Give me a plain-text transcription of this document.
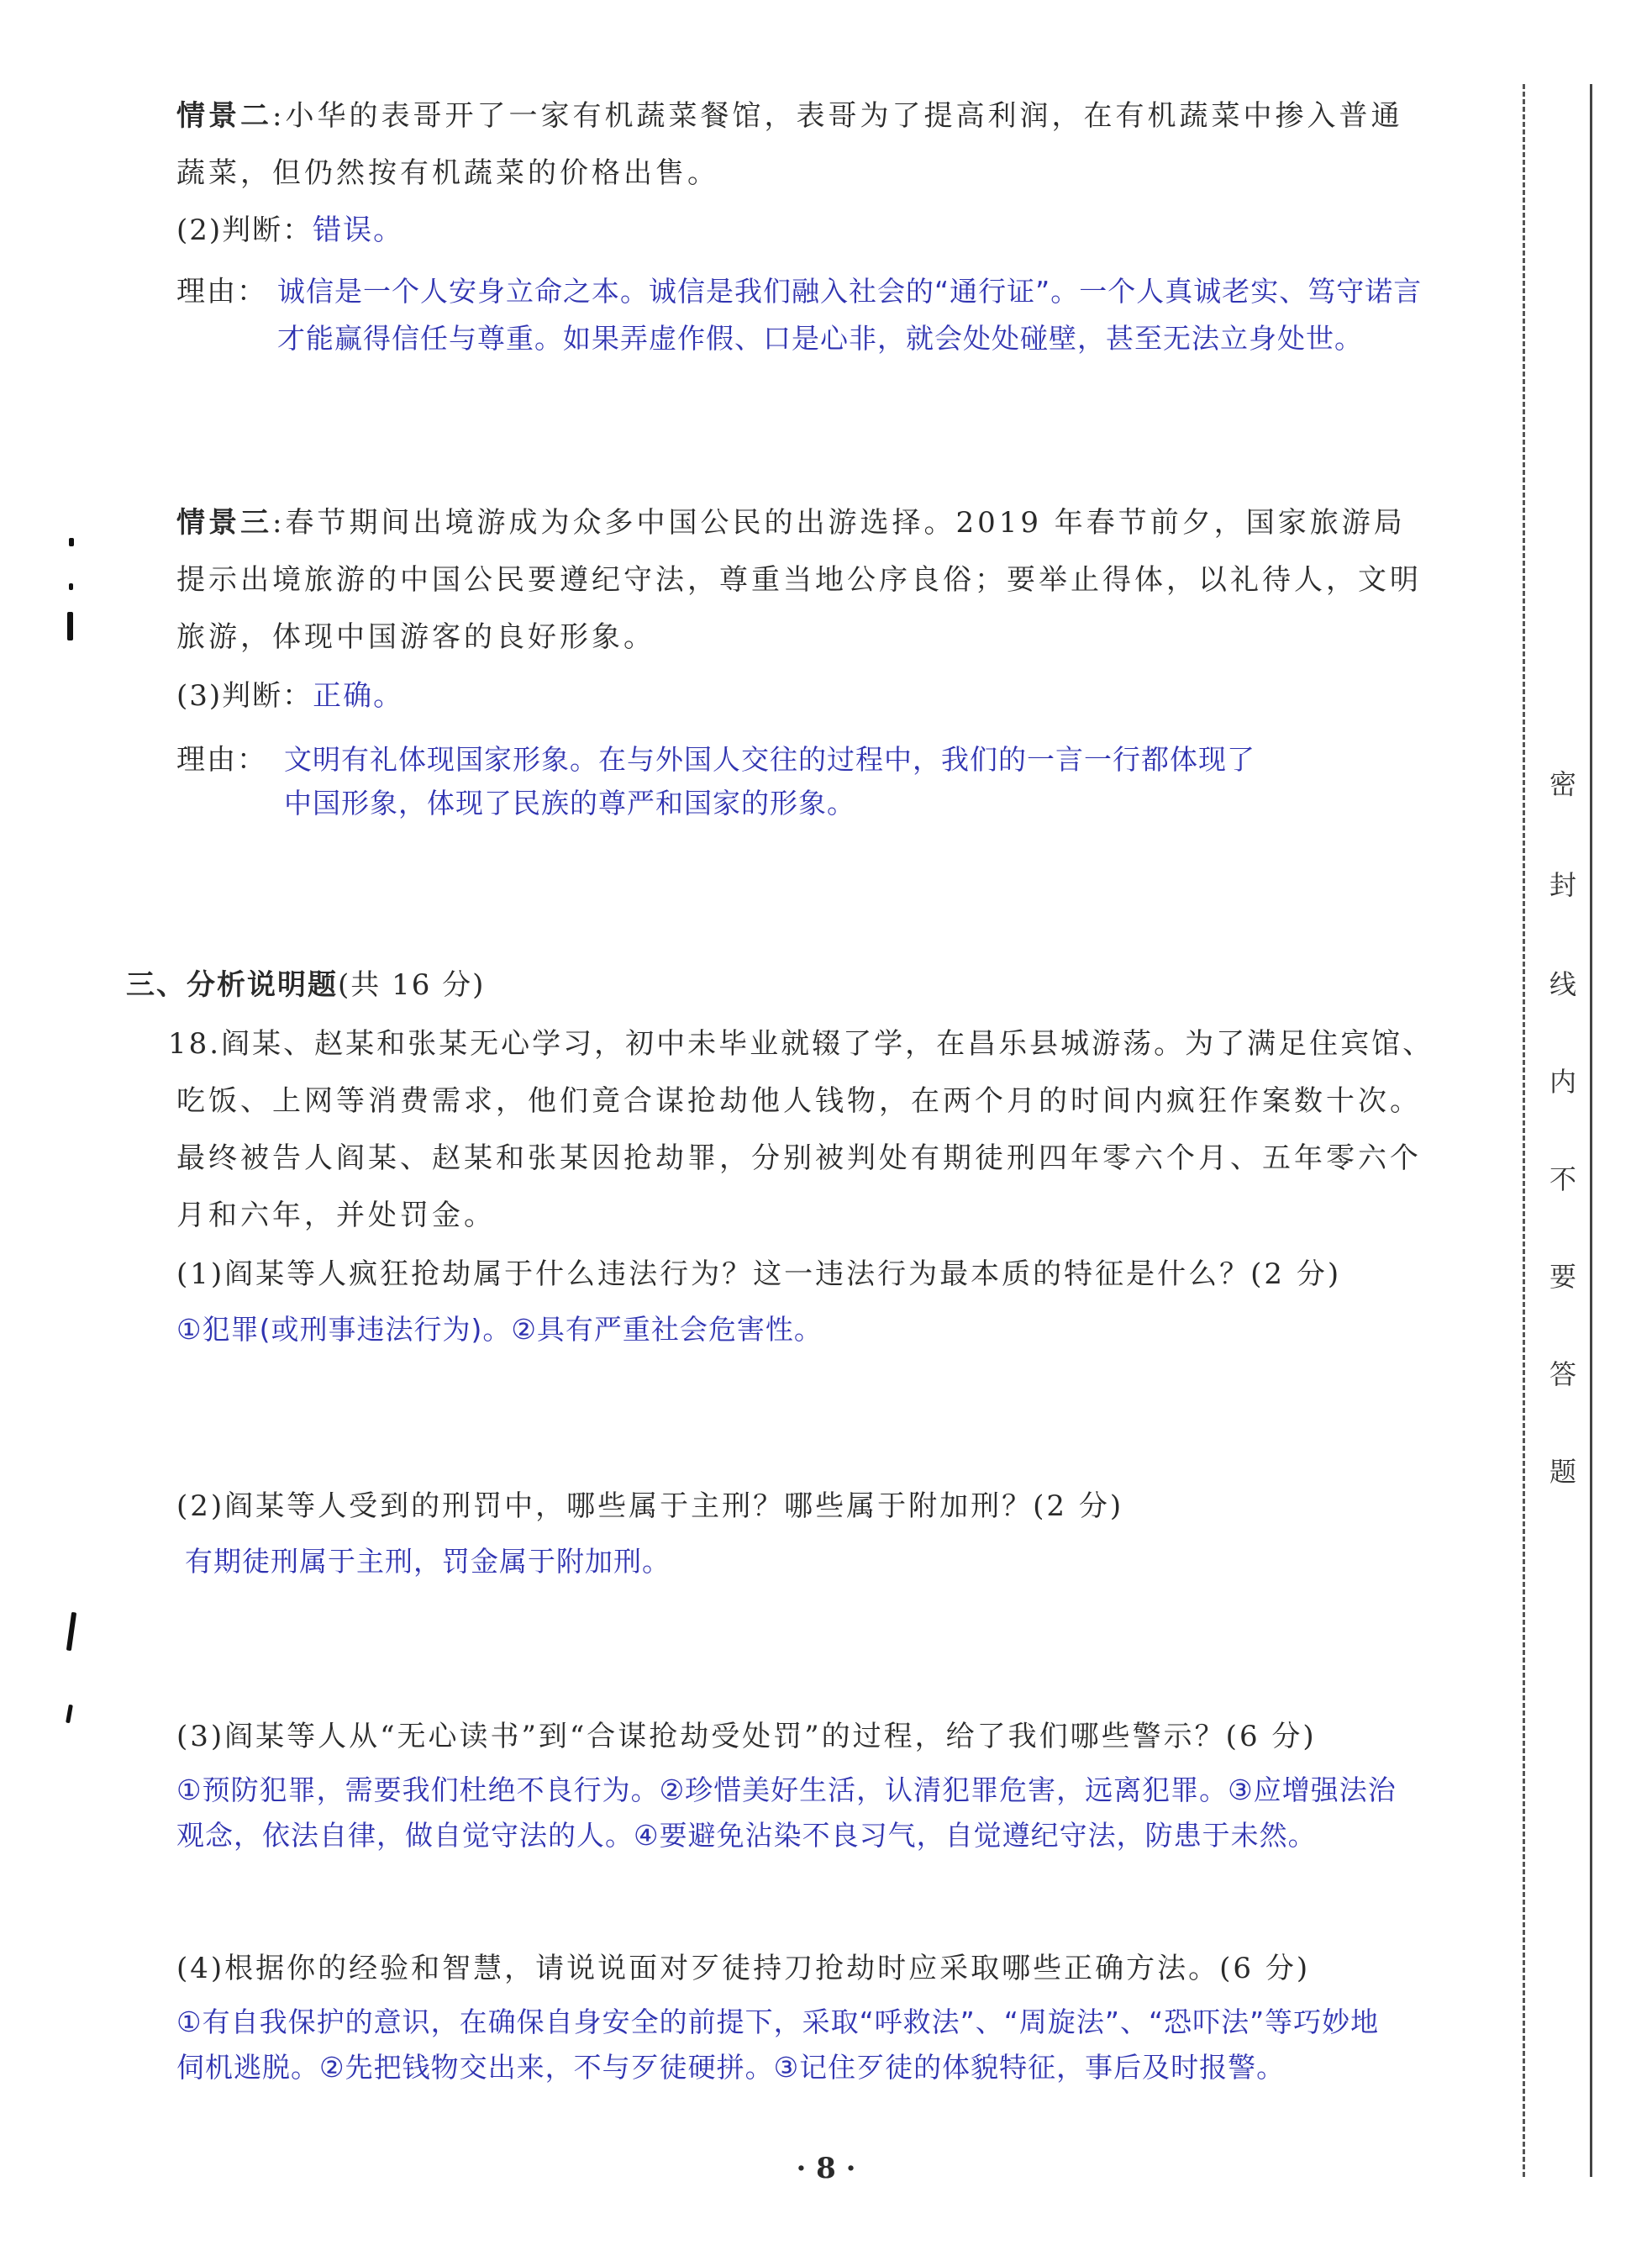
情景二:小华的表哥开了一家有机蔬菜餐馆，表哥为了提高利润，在有机蔬菜中掺入普通
蔬菜，但仍然按有机蔬菜的价格出售。
(2)判断：错误。
理由： 诚信是一个人安身立命之本。诚信是我们融入社会的“通行证”。一个人真诚老实、笃守诺言
才能赢得信任与尊重。如果弄虚作假、口是心非，就会处处碰壁，甚至无法立身处世。
情景三:春节期间出境游成为众多中国公民的出游选择。2019 年春节前夕，国家旅游局
提示出境旅游的中国公民要遵纪守法，尊重当地公序良俗；要举止得体，以礼待人，文明
旅游，体现中国游客的良好形象。
(3)判断：正确。
理由： 文明有礼体现国家形象。在与外国人交往的过程中，我们的一言一行都体现了
中国形象，体现了民族的尊严和国家的形象。
三、分析说明题(共 16 分)
18.阎某、赵某和张某无心学习，初中未毕业就辍了学，在昌乐县城游荡。为了满足住宾馆、
吃饭、上网等消费需求，他们竟合谋抢劫他人钱物，在两个月的时间内疯狂作案数十次。
最终被告人阎某、赵某和张某因抢劫罪，分别被判处有期徒刑四年零六个月、五年零六个
月和六年，并处罚金。
(1)阎某等人疯狂抢劫属于什么违法行为？这一违法行为最本质的特征是什么？(2 分)
①犯罪(或刑事违法行为)。②具有严重社会危害性。
(2)阎某等人受到的刑罚中，哪些属于主刑？哪些属于附加刑？(2 分)
有期徒刑属于主刑，罚金属于附加刑。
(3)阎某等人从“无心读书”到“合谋抢劫受处罚”的过程，给了我们哪些警示？(6 分)
①预防犯罪，需要我们杜绝不良行为。②珍惜美好生活，认清犯罪危害，远离犯罪。③应增强法治
观念，依法自律，做自觉守法的人。④要避免沾染不良习气，自觉遵纪守法，防患于未然。
(4)根据你的经验和智慧，请说说面对歹徒持刀抢劫时应采取哪些正确方法。(6 分)
①有自我保护的意识，在确保自身安全的前提下，采取“呼救法”、“周旋法”、“恐吓法”等巧妙地
伺机逃脱。②先把钱物交出来，不与歹徒硬拼。③记住歹徒的体貌特征，事后及时报警。
· 8 ·
密
封
线
内
不
要
答
题
